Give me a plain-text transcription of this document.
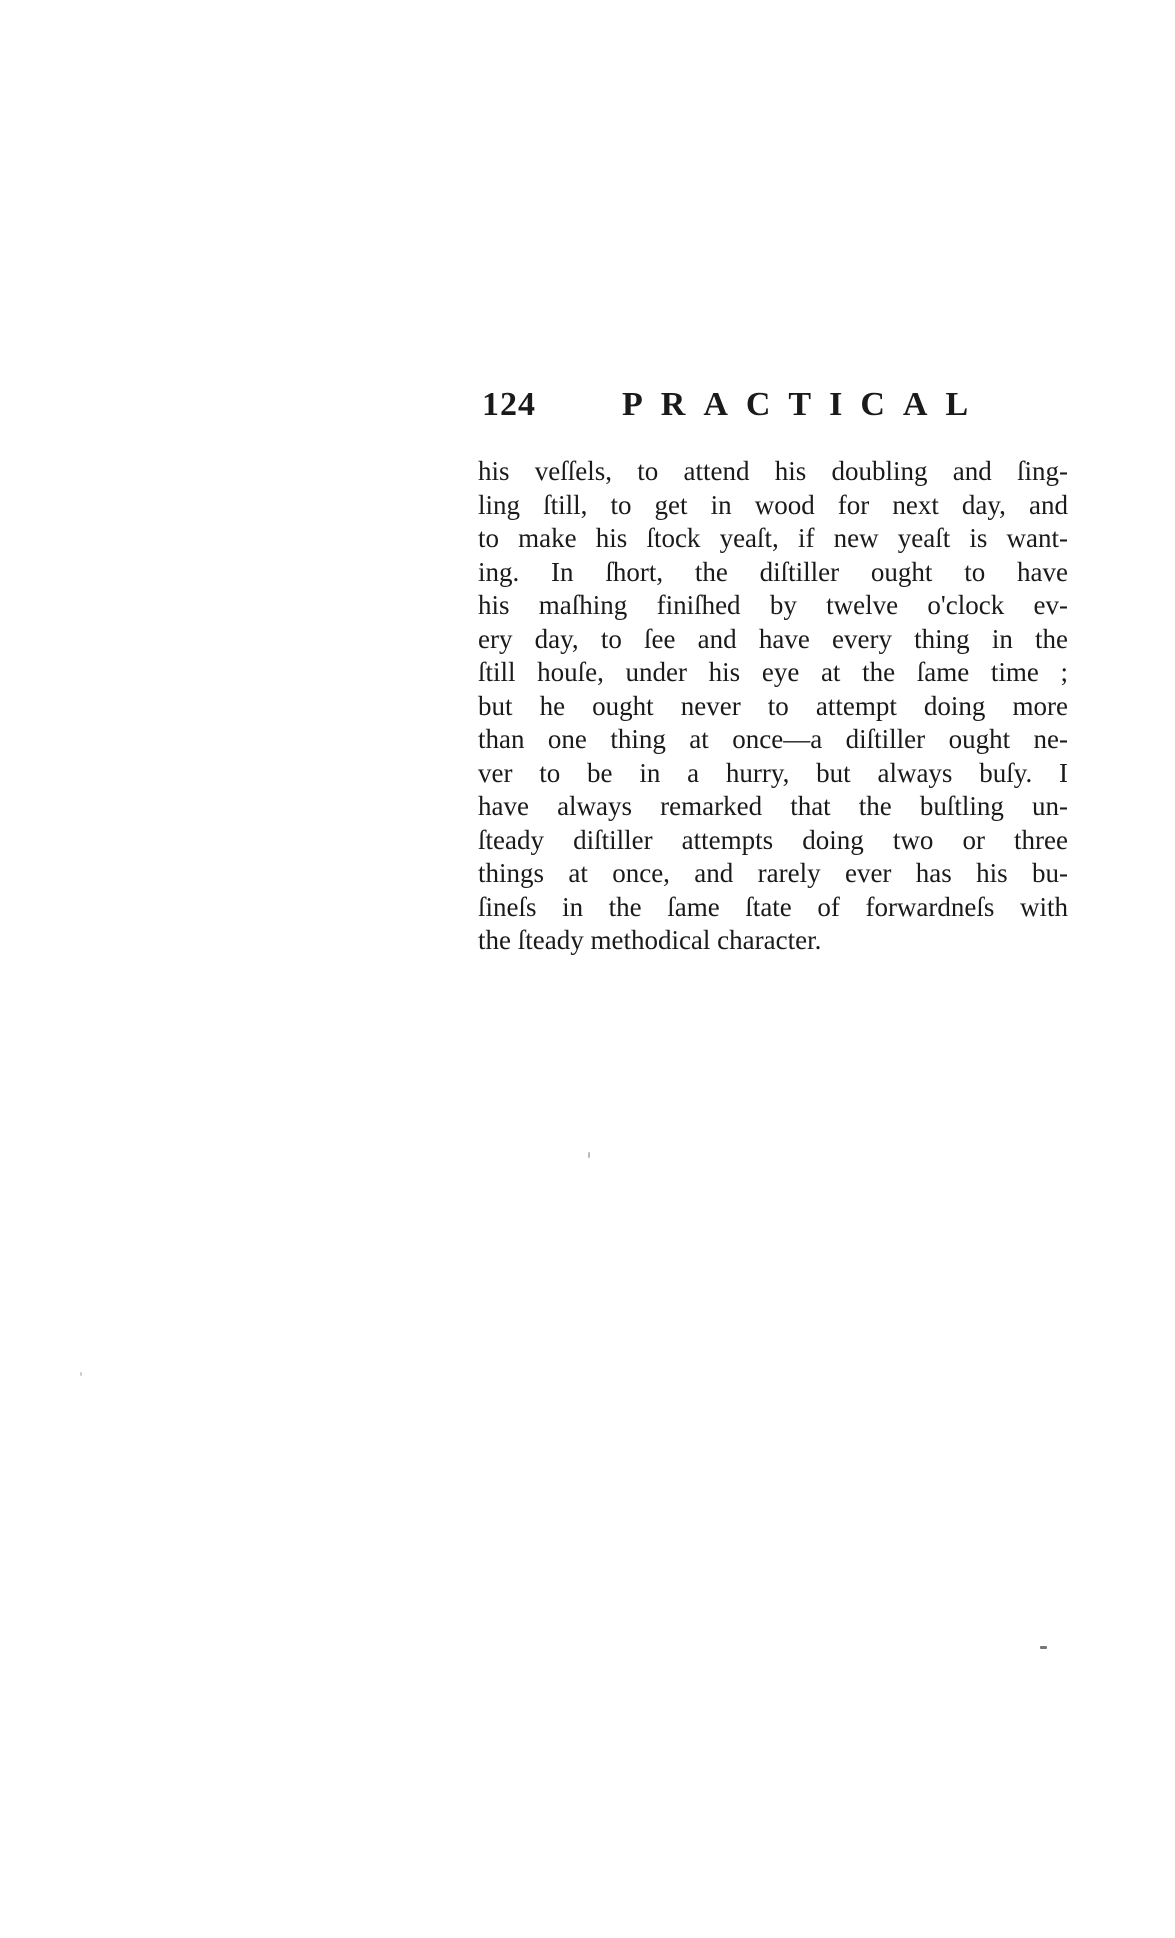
124	PRACTICAL
his veſſels, to attend his doubling and ſing-
ling ſtill, to get in wood for next day, and
to make his ſtock yeaſt, if new yeaſt is want-
ing. In ſhort, the diſtiller ought to have
his maſhing finiſhed by twelve o'clock ev-
ery day, to ſee and have every thing in the
ſtill houſe, under his eye at the ſame time ;
but he ought never to attempt doing more
than one thing at once—a diſtiller ought ne-
ver to be in a hurry, but always buſy. I
have always remarked that the buſtling un-
ſteady diſtiller attempts doing two or three
things at once, and rarely ever has his bu-
ſineſs in the ſame ſtate of forwardneſs with
the ſteady methodical character.
